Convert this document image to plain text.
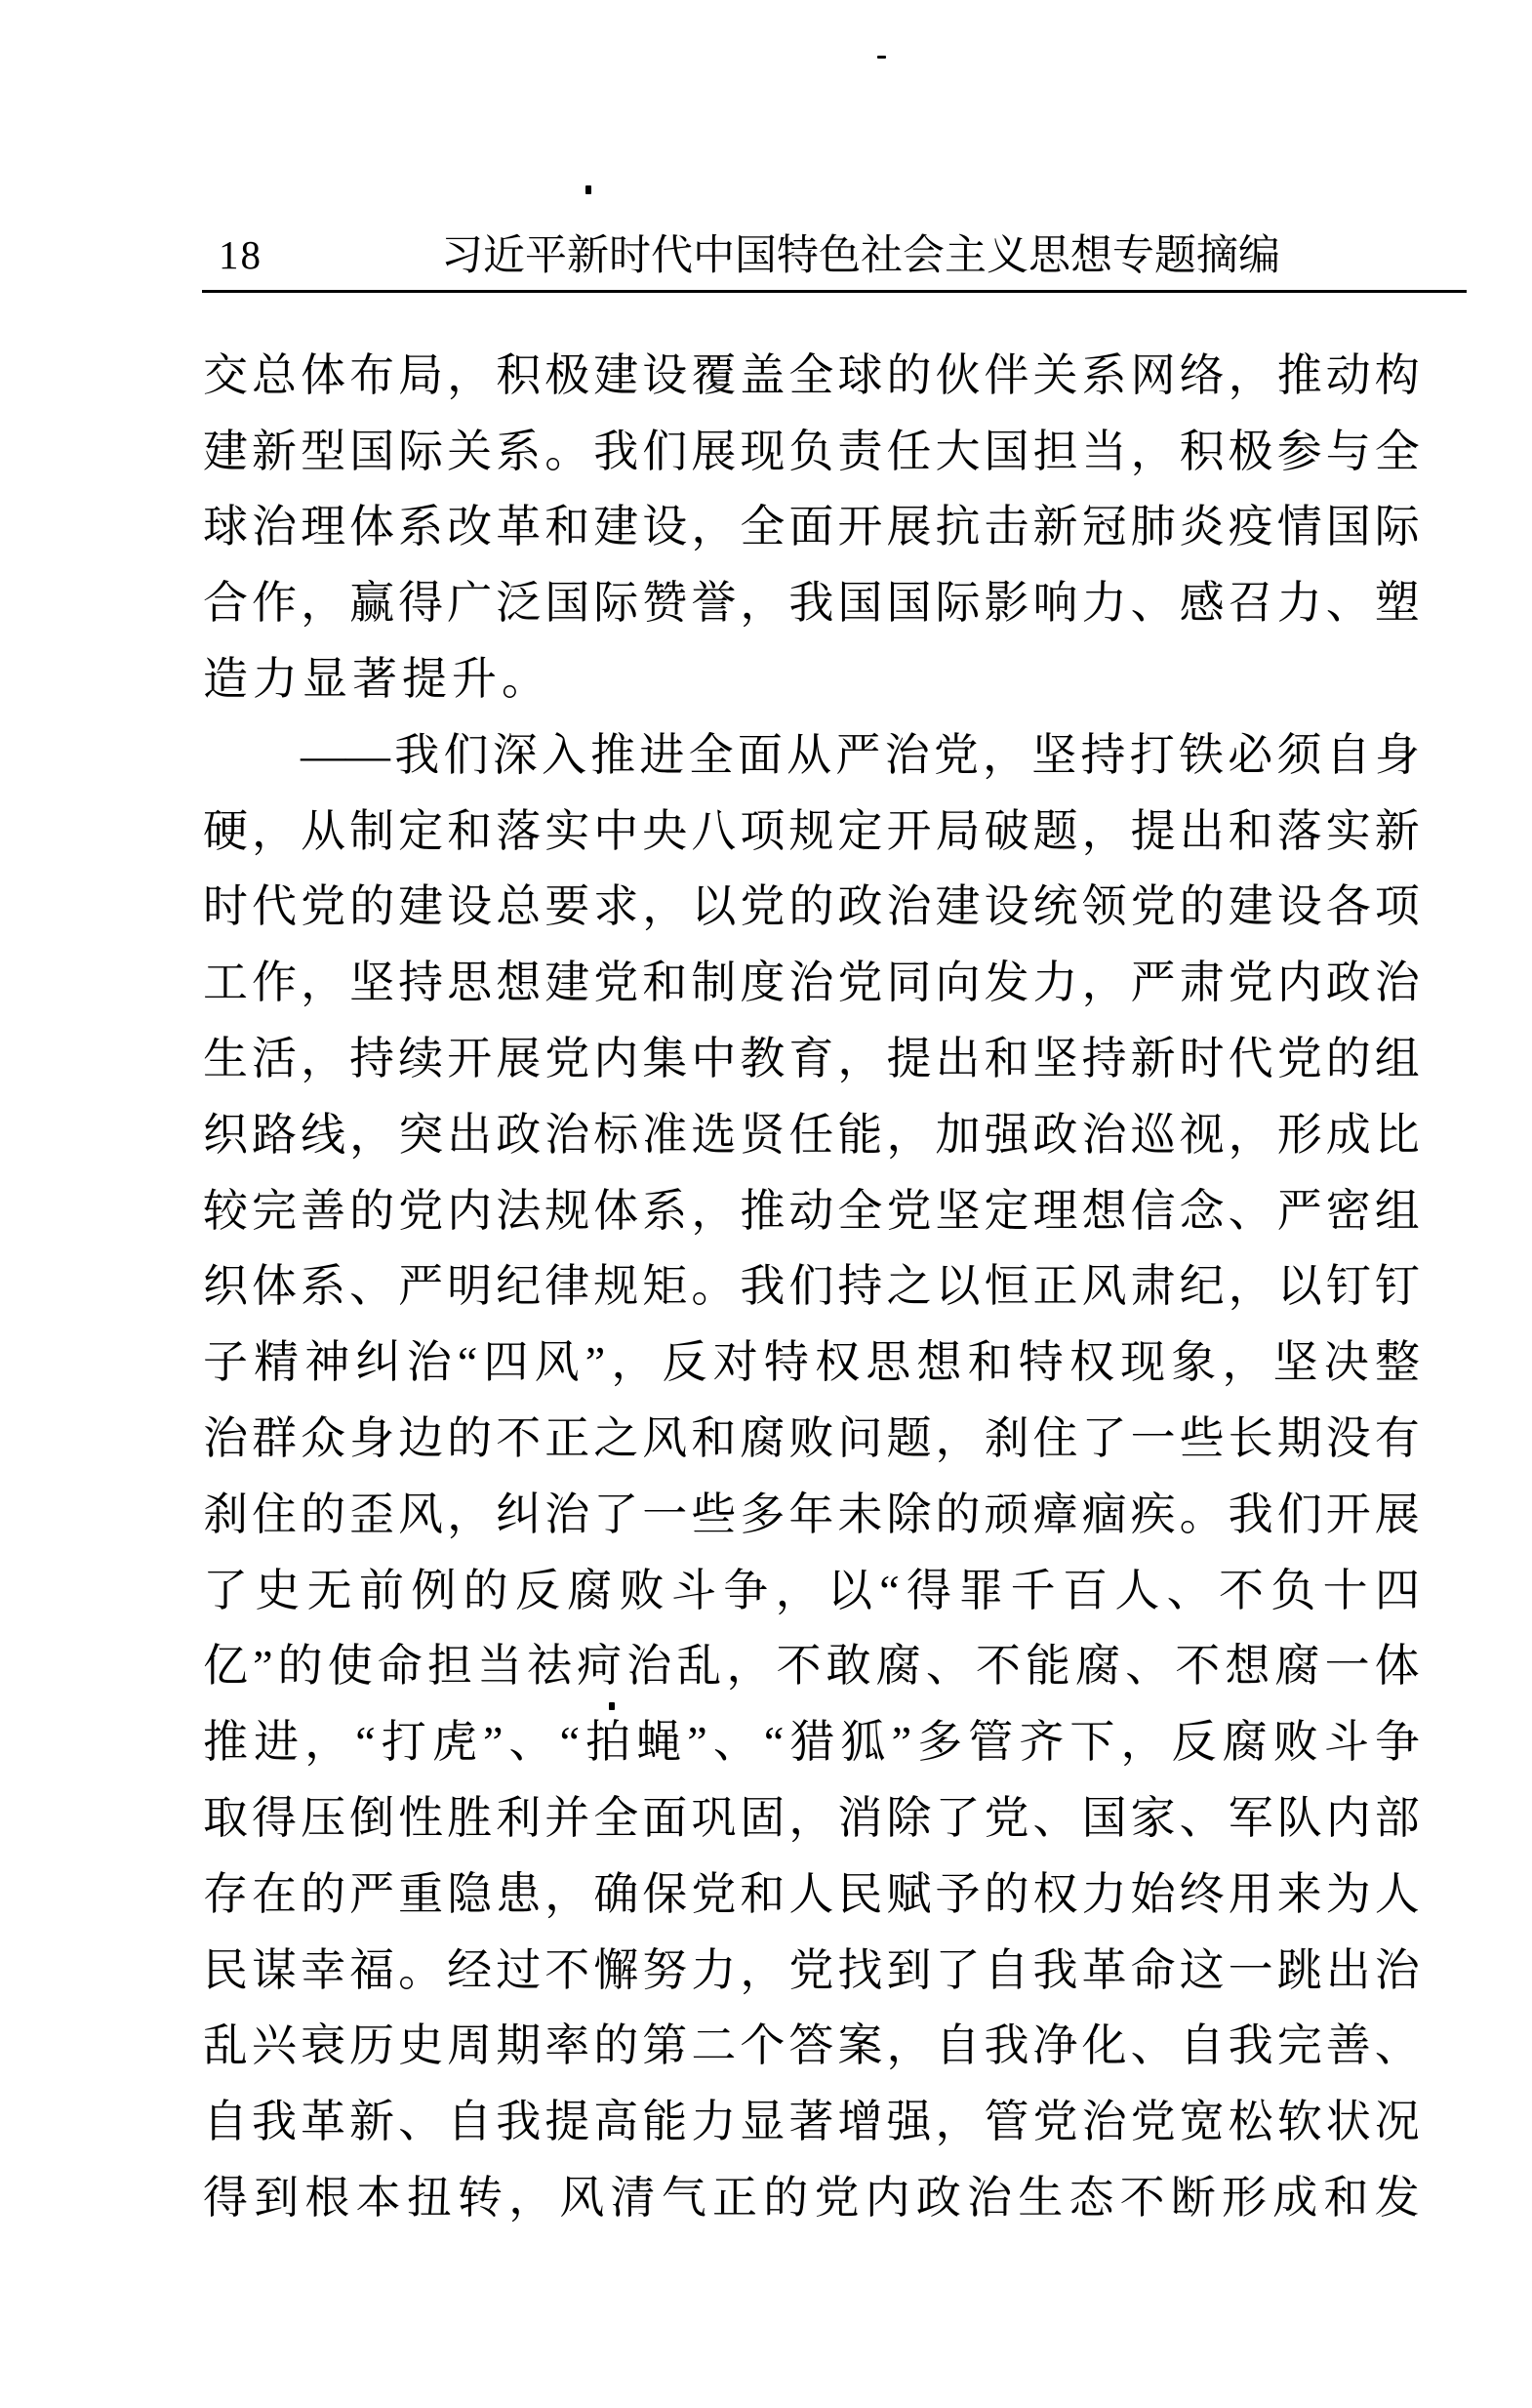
18	习近平新时代中国特色社会主义思想专题摘编
交 总 体 布 局 ， 积 极 建 设 覆 盖 全 球 的 伙 伴 关 系 网 络 ， 推 动 构
建 新 型 国 际 关 系 。 我 们 展 现 负 责 任 大 国 担 当 ， 积 极 参 与 全
球 治 理 体 系 改 革 和 建 设 ， 全 面 开 展 抗 击 新 冠 肺 炎 疫 情 国 际
合 作 ， 赢 得 广 泛 国 际 赞 誉 ， 我 国 国 际 影 响 力 、 感 召 力 、 塑
造 力 显 著 提 升 。
—— 我 们 深 入 推 进 全 面 从 严 治 党 ， 坚 持 打 铁 必 须 自 身
硬 ， 从 制 定 和 落 实 中 央 八 项 规 定 开 局 破 题 ， 提 出 和 落 实 新
时 代 党 的 建 设 总 要 求 ， 以 党 的 政 治 建 设 统 领 党 的 建 设 各 项
工 作 ， 坚 持 思 想 建 党 和 制 度 治 党 同 向 发 力 ， 严 肃 党 内 政 治
生 活 ， 持 续 开 展 党 内 集 中 教 育 ， 提 出 和 坚 持 新 时 代 党 的 组
织 路 线 ， 突 出 政 治 标 准 选 贤 任 能 ， 加 强 政 治 巡 视 ， 形 成 比
较 完 善 的 党 内 法 规 体 系 ， 推 动 全 党 坚 定 理 想 信 念 、 严 密 组
织 体 系 、 严 明 纪 律 规 矩 。 我 们 持 之 以 恒 正 风 肃 纪 ， 以 钉 钉
子 精 神 纠 治 “ 四 风 ” ， 反 对 特 权 思 想 和 特 权 现 象 ， 坚 决 整
治 群 众 身 边 的 不 正 之 风 和 腐 败 问 题 ， 刹 住 了 一 些 长 期 没 有
刹 住 的 歪 风 ， 纠 治 了 一 些 多 年 未 除 的 顽 瘴 痼 疾 。 我 们 开 展
了 史 无 前 例 的 反 腐 败 斗 争 ， 以 “ 得 罪 千 百 人 、 不 负 十 四
亿 ” 的 使 命 担 当 祛 疴 治 乱 ， 不 敢 腐 、 不 能 腐 、 不 想 腐 一 体
推 进 ， “ 打 虎 ” 、 “ 拍 蝇 ” 、 “ 猎 狐 ” 多 管 齐 下 ， 反 腐 败 斗 争
取 得 压 倒 性 胜 利 并 全 面 巩 固 ， 消 除 了 党 、 国 家 、 军 队 内 部
存 在 的 严 重 隐 患 ， 确 保 党 和 人 民 赋 予 的 权 力 始 终 用 来 为 人
民 谋 幸 福 。 经 过 不 懈 努 力 ， 党 找 到 了 自 我 革 命 这 一 跳 出 治
乱 兴 衰 历 史 周 期 率 的 第 二 个 答 案 ， 自 我 净 化 、 自 我 完 善 、
自 我 革 新 、 自 我 提 高 能 力 显 著 增 强 ， 管 党 治 党 宽 松 软 状 况
得 到 根 本 扭 转 ， 风 清 气 正 的 党 内 政 治 生 态 不 断 形 成 和 发
